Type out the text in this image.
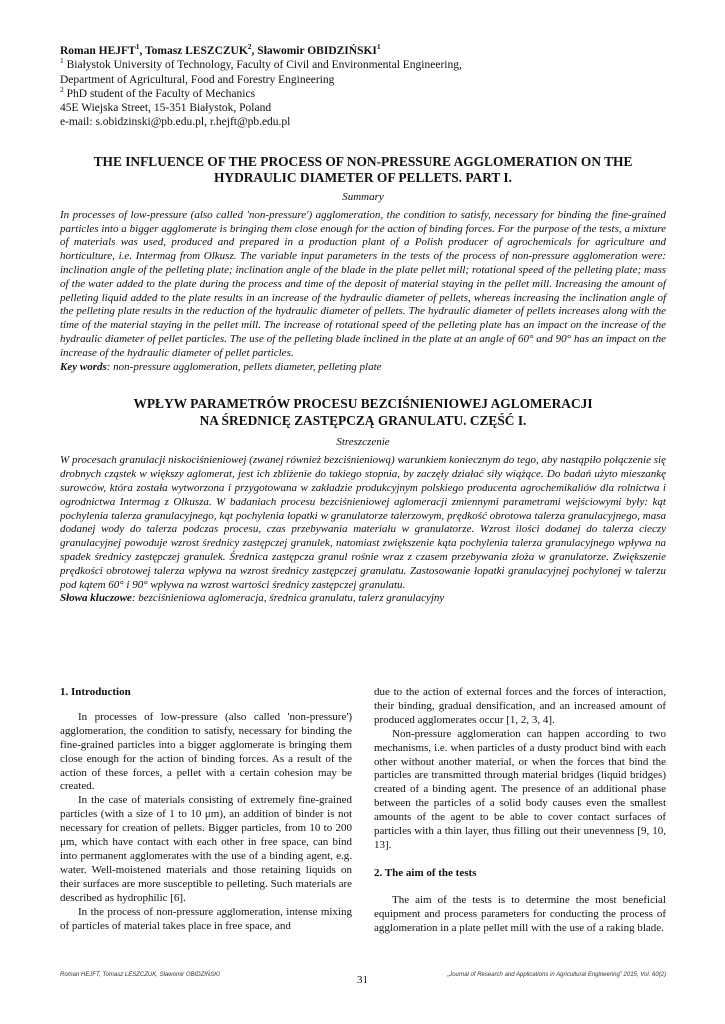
Roman HEJFT$^1$, Tomasz LESZCZUK$^2$, Sławomir OBIDZIŃSKI$^1$
$^1$ Białystok University of Technology, Faculty of Civil and Environmental Engineering,
Department of Agricultural, Food and Forestry Engineering
$^2$ PhD student of the Faculty of Mechanics
45E Wiejska Street, 15-351 Białystok, Poland
e-mail: s.obidzinski@pb.edu.pl, r.hejft@pb.edu.pl
THE INFLUENCE OF THE PROCESS OF NON-PRESSURE AGGLOMERATION ON THE
HYDRAULIC DIAMETER OF PELLETS. PART I.
Summary
In processes of low-pressure (also called 'non-pressure') agglomeration, the condition to satisfy, necessary for binding the fine-grained particles into a bigger agglomerate is bringing them close enough for the action of binding forces. For the purpose of the tests, a mixture of materials was used, produced and prepared in a production plant of a Polish producer of agrochemicals for agriculture and horticulture, i.e. Intermag from Olkusz. The variable input parameters in the tests of the process of non-pressure agglomeration were: inclination angle of the pelleting plate; inclination angle of the blade in the plate pellet mill; rotational speed of the pelleting plate; mass of the water added to the plate during the process and time of the deposit of material staying in the pellet mill. Increasing the amount of pelleting liquid added to the plate results in an increase of the hydraulic diameter of pellets, whereas increasing the inclination angle of the pelleting plate results in the reduction of the hydraulic diameter of pellets. The hydraulic diameter of pellets increases along with the time of the material staying in the pellet mill. The increase of rotational speed of the pelleting plate has an impact on the increase of the hydraulic diameter of pellet particles. The use of the pelleting blade inclined in the plate at an angle of 60° and 90° has an impact on the increase of the hydraulic diameter of pellet particles.
Key words: non-pressure agglomeration, pellets diameter, pelleting plate
WPŁYW PARAMETRÓW PROCESU BEZCIŚNIENIOWEJ AGLOMERACJI
NA ŚREDNICĘ ZASTĘPCZĄ GRANULATU. CZĘŚĆ I.
Streszczenie
W procesach granulacji niskociśnieniowej (zwanej również bezciśnieniową) warunkiem koniecznym do tego, aby nastąpiło połączenie się drobnych cząstek w większy aglomerat, jest ich zbliżenie do takiego stopnia, by zaczęły działać siły wiążące. Do badań użyto mieszankę surowców, która została wytworzona i przygotowana w zakładzie produkcyjnym polskiego producenta agrochemikaliów dla rolnictwa i ogrodnictwa Intermag z Olkusza. W badaniach procesu bezciśnieniowej aglomeracji zmiennymi parametrami wejściowymi były: kąt pochylenia talerza granulacyjnego, kąt pochylenia łopatki w granulatorze talerzowym, prędkość obrotowa talerza granulacyjnego, masa dodanej wody do talerza podczas procesu, czas przebywania materiału w granulatorze. Wzrost ilości dodanej do talerza cieczy granulacyjnej powoduje wzrost średnicy zastępczej granulek, natomiast zwiększenie kąta pochylenia talerza granulacyjnego wpływa na spadek średnicy zastępczej granulek. Średnica zastępcza granul rośnie wraz z czasem przebywania złoża w granulatorze. Zwiększenie prędkości obrotowej talerza wpływa na wzrost średnicy zastępczej granulatu. Zastosowanie łopatki granulacyjnej pochylonej w talerzu pod kątem 60° i 90° wpływa na wzrost wartości średnicy zastępczej granulatu.
Słowa kluczowe: bezciśnieniowa aglomeracja, średnica granulatu, talerz granulacyjny
1. Introduction

In processes of low-pressure (also called 'non-pressure') agglomeration, the condition to satisfy, necessary for binding the fine-grained particles into a bigger agglomerate is bringing them close enough for the action of binding forces. As a result of the action of these forces, a pellet with a certain cohesion may be created.

In the case of materials consisting of extremely fine-grained particles (with a size of 1 to 10 μm), an addition of binder is not necessary for creation of pellets. Bigger particles, from 10 to 200 μm, which have contact with each other in free space, can bind into permanent agglomerates with the use of a binding agent, e.g. water. Well-moistened materials and those retaining liquids on their surfaces are more susceptible to pelleting. Such materials are described as hydrophilic [6].

In the process of non-pressure agglomeration, intense mixing of particles of material takes place in free space, and

due to the action of external forces and the forces of interaction, their binding, gradual densification, and an increased amount of produced agglomerates occur [1, 2, 3, 4].

Non-pressure agglomeration can happen according to two mechanisms, i.e. when particles of a dusty product bind with each other without another material, or when the forces that bind the particles are transmitted through material bridges (liquid bridges) created of a binding agent. The presence of an additional phase between the particles of a solid body causes even the smallest amounts of the agent to be able to cover contact surfaces of particles with a thin layer, thus filling out their unevenness [9, 10, 13].

2. The aim of the tests

The aim of the tests is to determine the most beneficial equipment and process parameters for conducting the process of agglomeration in a plate pellet mill with the use of a raking blade.

Roman HEJFT, Tomasz LESZCZUK, Sławomir OBIDZIŃSKI	„Journal of Research and Applications in Agricultural Engineering” 2015, Vol. 60(2)
31
